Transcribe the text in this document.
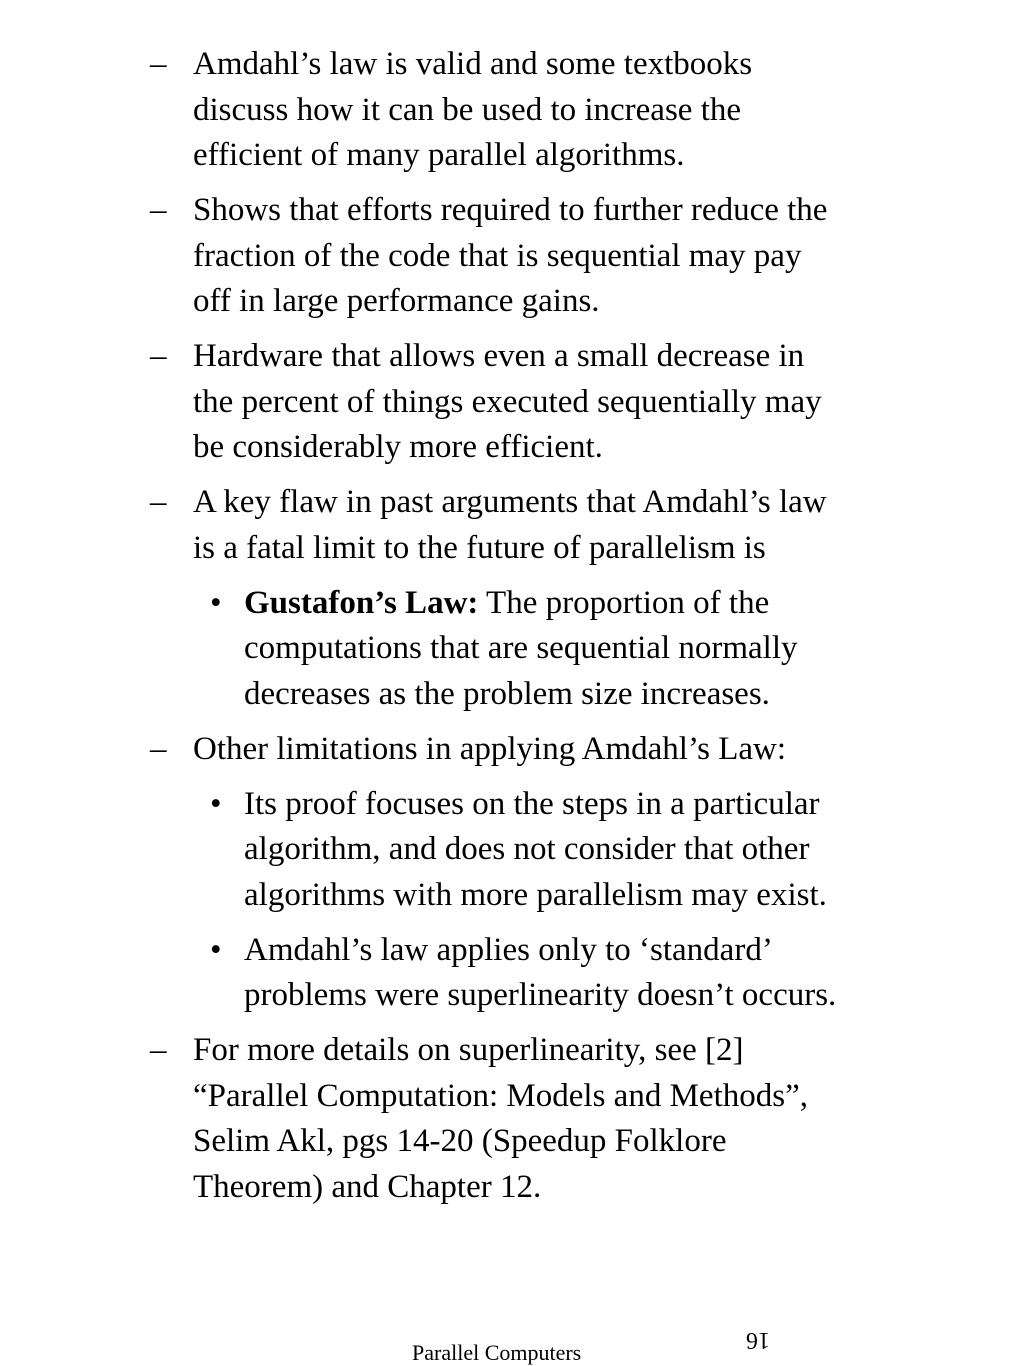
– Amdahl’s law is valid and some textbooks
discuss how it can be used to increase the
efficient of many parallel algorithms.
– Shows that efforts required to further reduce the
fraction of the code that is sequential may pay
off in large performance gains.
– Hardware that allows even a small decrease in
the percent of things executed sequentially may
be considerably more efficient.
– A key flaw in past arguments that Amdahl’s law
is a fatal limit to the future of parallelism is
• Gustafon’s Law: The proportion of the
computations that are sequential normally
decreases as the problem size increases.
– Other limitations in applying Amdahl’s Law:
• Its proof focuses on the steps in a particular
algorithm, and does not consider that other
algorithms with more parallelism may exist.
• Amdahl’s law applies only to ‘standard’
problems were superlinearity doesn’t occurs.
– For more details on superlinearity, see [2]
“Parallel Computation: Models and Methods”,
Selim Akl, pgs 14-20 (Speedup Folklore
Theorem) and Chapter 12.
16
Parallel Computers
